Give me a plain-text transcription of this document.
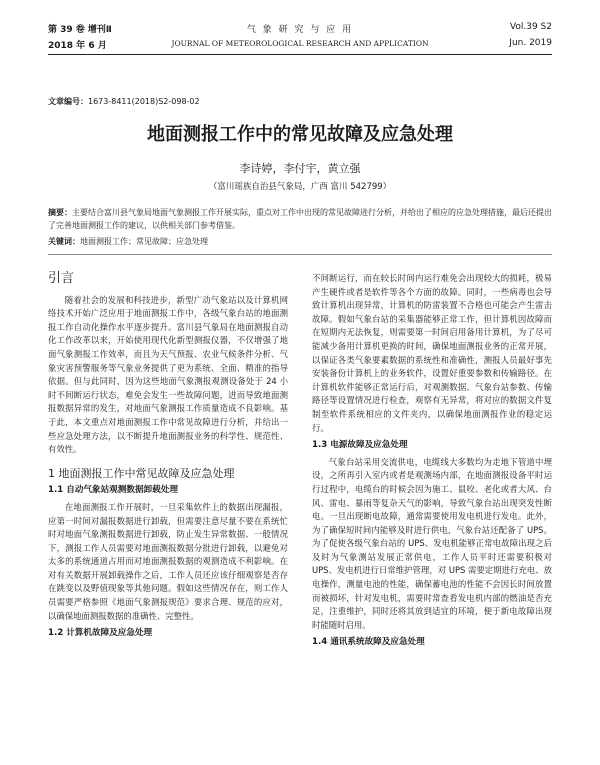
第 39 卷 增刊Ⅱ	气 象 研 究 与 应 用	Vol.39 S2
2018 年 6 月	JOURNAL OF METEOROLOGICAL RESEARCH AND APPLICATION	Jun. 2019
文章编号：1673-8411(2018)S2-098-02
地面测报工作中的常见故障及应急处理
李诗婷，李付宇，黄立强
（富川瑶族自治县气象局，广西 富川 542799）
摘要：主要结合富川县气象局地面气象测报工作开展实际，重点对工作中出现的常见故障进行分析，并给出了相应的应急处理措施，最后还提出了完善地面测报工作的建议，以供相关部门参考借鉴。
关键词：地面测报工作；常见故障；应急处理
引言

随着社会的发展和科技进步，新型广动气象站以及计算机网络技术开始广泛应用于地面测报工作中，各级气象台站的地面测报工作自动化操作水平逐步提升。富川县气象局在地面测报自动化工作改革以来，开始使用现代化新型测报仪器，不仅增强了地面气象测报工作效率，而且为天气预报、农业气候条件分析、气象灾害预警服务等气象业务提供了更为系统、全面、精准的指导依据。但与此同时，因为这些地面气象测报观测设备处于 24 小时不间断运行状态，难免会发生一些故障问题，进而导致地面测报数据异常的发生，对地面气象测报工作质量造成不良影响。基于此，本文重点对地面测报工作中常见故障进行分析，并给出一些应急处理方法，以不断提升地面测报业务的科学性、规范性、有效性。

1 地面测报工作中常见故障及应急处理
1.1 自动气象站观测数据卸载处理

在地面测报工作开展时，一旦采集软件上的数据出现漏报，应第一时间对漏报数据进行卸载，但需要注意尽量不要在系统忙时对地面气象测报数据进行卸载，防止发生异常数据、一般情况下，测报工作人员需要对地面测报数据分批进行卸载，以避免对太多的系统通道占用而对地面测报数据的观测造成不利影响。在对有关数据开展卸载操作之后，工作人员还应该仔细观察是否存在跳变以及野值现象等其他问题。假如这些情况存在，则工作人员需要严格参照《地面气象测报规范》要求合理、规范的应对，以确保地面测报数据的准确性、完整性。

1.2 计算机故障及应急处理

不间断运行，而在较长时间内运行难免会出现较大的损耗，极易产生硬件或者是软件等各个方面的故障。同时，一些病毒也会导致计算机出现异常，计算机的防雷装置不合格也可能会产生雷击故障。假如气象台站的采集器能够正常工作，但计算机因故障而在短期内无法恢复，则需要第一时间启用备用计算机，为了尽可能减少备用计算机更换的时间，确保地面测报业务的正常开展，以保证各类气象要素数据的系统性和准确性，测报人员最好事先安装备份计算机上的业务软件，设置好重要参数和传输路径。在计算机软件能够正常运行后，对观测数据、气象台站参数、传输路径等设置情况进行检查，观察有无异常，将对应的数据文件复制至软件系统相应的文件夹内，以确保地面测报作业的稳定运行。

1.3 电源故障及应急处理

气象台站采用交流供电，电缆线大多数均为走地下管道中埋设，之所再引入室内或者是观测场内部，在地面测报设备平时运行过程中，电缆台的时候会因为施工、鼠咬、老化或者大风、台风、雷电、暴雨等复杂天气的影响，导致气象台站出现突发性断电。一旦出现断电故障，通常需要使用发电机进行发电。此外，为了确保短时间内能够及时进行供电，气象台站还配备了 UPS。为了促使各级气象台站的 UPS、发电机能够正常电故障出现之后及时为气象测站发展正常供电，工作人员平时还需要积极对 UPS、发电机进行日常维护管理，对 UPS 需要定期进行充电、放电操作，测量电池的性能，确保蓄电池的性能不会因长时间放置而被损坏，针对发电机，需要时常查看发电机内部的燃油是否充足，注重维护，同时还将其放到适宜的环境，便于新电故障出现时能随时启用。

1.4 通讯系统故障及应急处理
